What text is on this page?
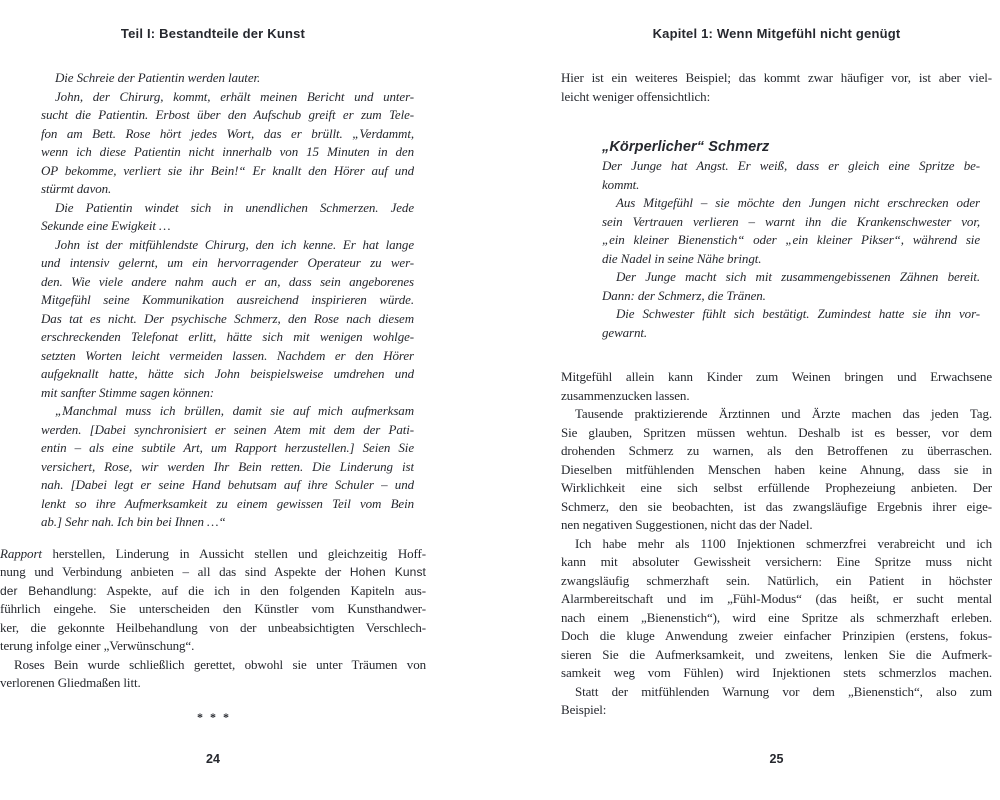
Teil I: Bestandteile der Kunst
Die Schreie der Patientin werden lauter.
John, der Chirurg, kommt, erhält meinen Bericht und unter-
sucht die Patientin. Erbost über den Aufschub greift er zum Tele-
fon am Bett. Rose hört jedes Wort, das er brüllt. „Verdammt,
wenn ich diese Patientin nicht innerhalb von 15 Minuten in den
OP bekomme, verliert sie ihr Bein!“ Er knallt den Hörer auf und
stürmt davon.
Die Patientin windet sich in unendlichen Schmerzen. Jede
Sekunde eine Ewigkeit …
John ist der mitfühlendste Chirurg, den ich kenne. Er hat lange
und intensiv gelernt, um ein hervorragender Operateur zu wer-
den. Wie viele andere nahm auch er an, dass sein angeborenes
Mitgefühl seine Kommunikation ausreichend inspirieren würde.
Das tat es nicht. Der psychische Schmerz, den Rose nach diesem
erschreckenden Telefonat erlitt, hätte sich mit wenigen wohlge-
setzten Worten leicht vermeiden lassen. Nachdem er den Hörer
aufgeknallt hatte, hätte sich John beispielsweise umdrehen und
mit sanfter Stimme sagen können:
„Manchmal muss ich brüllen, damit sie auf mich aufmerksam
werden. [Dabei synchronisiert er seinen Atem mit dem der Pati-
entin – als eine subtile Art, um Rapport herzustellen.] Seien Sie
versichert, Rose, wir werden Ihr Bein retten. Die Linderung ist
nah. [Dabei legt er seine Hand behutsam auf ihre Schuler – und
lenkt so ihre Aufmerksamkeit zu einem gewissen Teil vom Bein
ab.] Sehr nah. Ich bin bei Ihnen …“
Rapport herstellen, Linderung in Aussicht stellen und gleichzeitig Hoff-
nung und Verbindung anbieten – all das sind Aspekte der Hohen Kunst
der Behandlung: Aspekte, auf die ich in den folgenden Kapiteln aus-
führlich eingehe. Sie unterscheiden den Künstler vom Kunsthandwer-
ker, die gekonnte Heilbehandlung von der unbeabsichtigten Verschlech-
terung infolge einer „Verwünschung“.
Roses Bein wurde schließlich gerettet, obwohl sie unter Träumen von
verlorenen Gliedmaßen litt.
* * *
24
Kapitel 1: Wenn Mitgefühl nicht genügt
Hier ist ein weiteres Beispiel; das kommt zwar häufiger vor, ist aber viel-
leicht weniger offensichtlich:
„Körperlicher“ Schmerz
Der Junge hat Angst. Er weiß, dass er gleich eine Spritze be-
kommt.
Aus Mitgefühl – sie möchte den Jungen nicht erschrecken oder
sein Vertrauen verlieren – warnt ihn die Krankenschwester vor,
„ein kleiner Bienenstich“ oder „ein kleiner Pikser“, während sie
die Nadel in seine Nähe bringt.
Der Junge macht sich mit zusammengebissenen Zähnen bereit.
Dann: der Schmerz, die Tränen.
Die Schwester fühlt sich bestätigt. Zumindest hatte sie ihn vor-
gewarnt.
Mitgefühl allein kann Kinder zum Weinen bringen und Erwachsene
zusammenzucken lassen.
Tausende praktizierende Ärztinnen und Ärzte machen das jeden Tag.
Sie glauben, Spritzen müssen wehtun. Deshalb ist es besser, vor dem
drohenden Schmerz zu warnen, als den Betroffenen zu überraschen.
Dieselben mitfühlenden Menschen haben keine Ahnung, dass sie in
Wirklichkeit eine sich selbst erfüllende Prophezeiung anbieten. Der
Schmerz, den sie beobachten, ist das zwangsläufige Ergebnis ihrer eige-
nen negativen Suggestionen, nicht das der Nadel.
Ich habe mehr als 1100 Injektionen schmerzfrei verabreicht und ich
kann mit absoluter Gewissheit versichern: Eine Spritze muss nicht
zwangsläufig schmerzhaft sein. Natürlich, ein Patient in höchster
Alarmbereitschaft und im „Fühl-Modus“ (das heißt, er sucht mental
nach einem „Bienenstich“), wird eine Spritze als schmerzhaft erleben.
Doch die kluge Anwendung zweier einfacher Prinzipien (erstens, fokus-
sieren Sie die Aufmerksamkeit, und zweitens, lenken Sie die Aufmerk-
samkeit weg vom Fühlen) wird Injektionen stets schmerzlos machen.
Statt der mitfühlenden Warnung vor dem „Bienenstich“, also zum
Beispiel:
25
